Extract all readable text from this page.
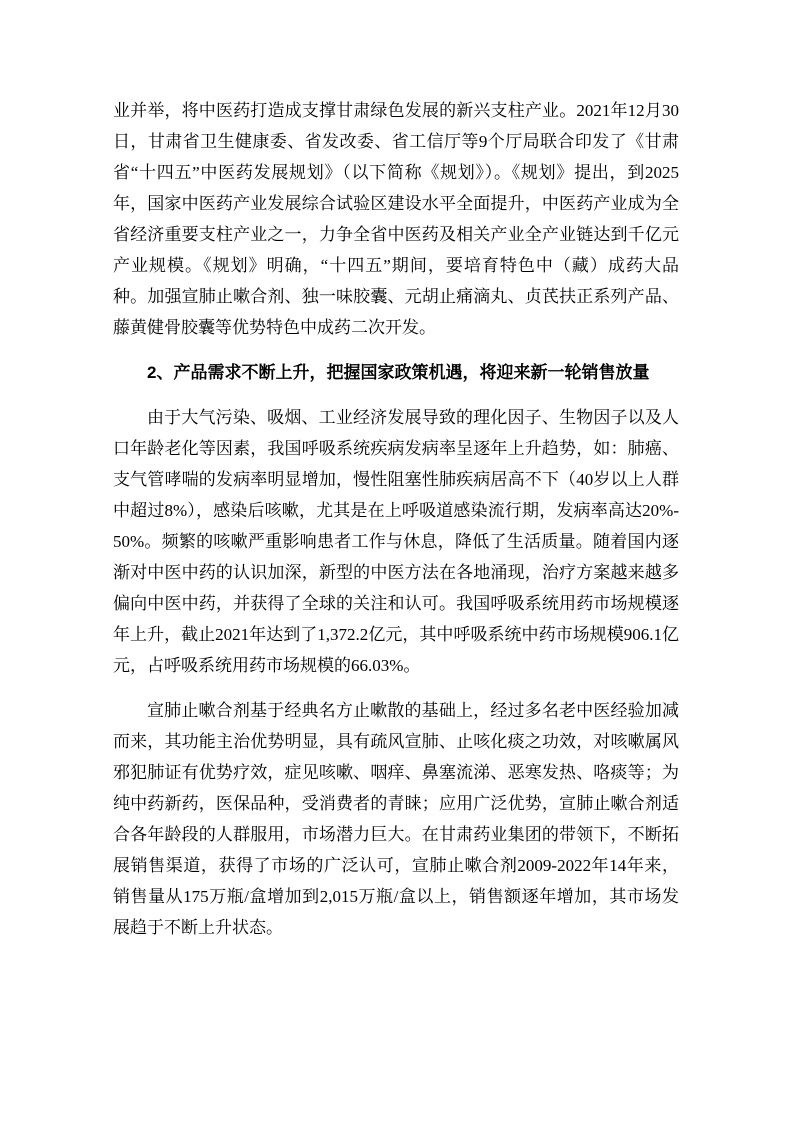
业并举，将中医药打造成支撑甘肃绿色发展的新兴支柱产业。2021年12月30日，甘肃省卫生健康委、省发改委、省工信厅等9个厅局联合印发了《甘肃省“十四五”中医药发展规划》（以下简称《规划》）。《规划》提出，到2025年，国家中医药产业发展综合试验区建设水平全面提升，中医药产业成为全省经济重要支柱产业之一，力争全省中医药及相关产业全产业链达到千亿元产业规模。《规划》明确，“十四五”期间，要培育特色中（藏）成药大品种。加强宣肺止嗽合剂、独一味胶囊、元胡止痛滴丸、贞芪扶正系列产品、藤黄健骨胶囊等优势特色中成药二次开发。

2、产品需求不断上升，把握国家政策机遇，将迎来新一轮销售放量

由于大气污染、吸烟、工业经济发展导致的理化因子、生物因子以及人口年龄老化等因素，我国呼吸系统疾病发病率呈逐年上升趋势，如：肺癌、支气管哮喘的发病率明显增加，慢性阻塞性肺疾病居高不下（40岁以上人群中超过8%），感染后咳嗽，尤其是在上呼吸道感染流行期，发病率高达20%-50%。频繁的咳嗽严重影响患者工作与休息，降低了生活质量。随着国内逐渐对中医中药的认识加深，新型的中医方法在各地涌现，治疗方案越来越多偏向中医中药，并获得了全球的关注和认可。我国呼吸系统用药市场规模逐年上升，截止2021年达到了1,372.2亿元，其中呼吸系统中药市场规模906.1亿元，占呼吸系统用药市场规模的66.03%。

宣肺止嗽合剂基于经典名方止嗽散的基础上，经过多名老中医经验加减而来，其功能主治优势明显，具有疏风宣肺、止咳化痰之功效，对咳嗽属风邪犯肺证有优势疗效，症见咳嗽、咽痒、鼻塞流涕、恶寒发热、咯痰等；为纯中药新药，医保品种，受消费者的青睐；应用广泛优势，宣肺止嗽合剂适合各年龄段的人群服用，市场潜力巨大。在甘肃药业集团的带领下，不断拓展销售渠道，获得了市场的广泛认可，宣肺止嗽合剂2009-2022年14年来，销售量从175万瓶/盒增加到2,015万瓶/盒以上，销售额逐年增加，其市场发展趋于不断上升状态。
